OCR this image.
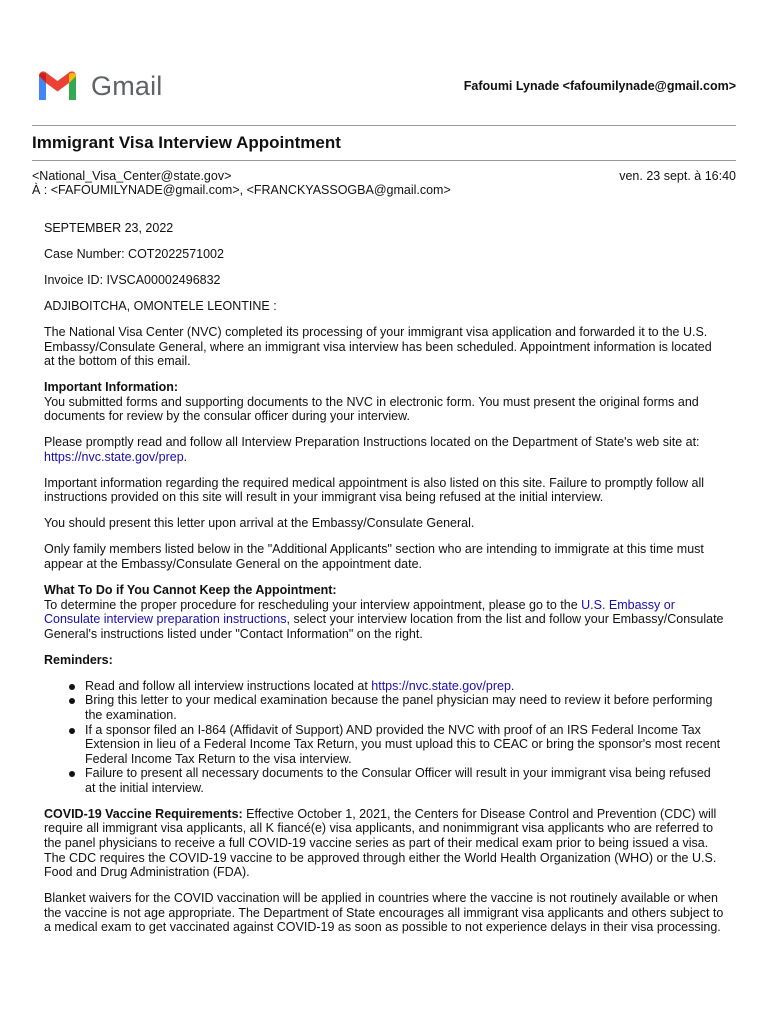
Gmail	Fafoumi Lynade <fafoumilynade@gmail.com>
Immigrant Visa Interview Appointment
<National_Visa_Center@state.gov>	ven. 23 sept. à 16:40
À : <FAFOUMILYNADE@gmail.com>, <FRANCKYASSOGBA@gmail.com>

SEPTEMBER 23, 2022

Case Number: COT2022571002

Invoice ID: IVSCA00002496832

ADJIBOITCHA, OMONTELE LEONTINE :

The National Visa Center (NVC) completed its processing of your immigrant visa application and forwarded it to the U.S. Embassy/Consulate General, where an immigrant visa interview has been scheduled. Appointment information is located at the bottom of this email.

Important Information:
You submitted forms and supporting documents to the NVC in electronic form. You must present the original forms and documents for review by the consular officer during your interview.

Please promptly read and follow all Interview Preparation Instructions located on the Department of State's web site at: https://nvc.state.gov/prep.

Important information regarding the required medical appointment is also listed on this site. Failure to promptly follow all instructions provided on this site will result in your immigrant visa being refused at the initial interview.

You should present this letter upon arrival at the Embassy/Consulate General.

Only family members listed below in the "Additional Applicants" section who are intending to immigrate at this time must appear at the Embassy/Consulate General on the appointment date.

What To Do if You Cannot Keep the Appointment:
To determine the proper procedure for rescheduling your interview appointment, please go to the U.S. Embassy or Consulate interview preparation instructions, select your interview location from the list and follow your Embassy/Consulate General's instructions listed under "Contact Information" on the right.

Reminders:

Read and follow all interview instructions located at https://nvc.state.gov/prep.
Bring this letter to your medical examination because the panel physician may need to review it before performing the examination.
If a sponsor filed an I-864 (Affidavit of Support) AND provided the NVC with proof of an IRS Federal Income Tax Extension in lieu of a Federal Income Tax Return, you must upload this to CEAC or bring the sponsor's most recent Federal Income Tax Return to the visa interview.
Failure to present all necessary documents to the Consular Officer will result in your immigrant visa being refused at the initial interview.

COVID-19 Vaccine Requirements: Effective October 1, 2021, the Centers for Disease Control and Prevention (CDC) will require all immigrant visa applicants, all K fiancé(e) visa applicants, and nonimmigrant visa applicants who are referred to the panel physicians to receive a full COVID-19 vaccine series as part of their medical exam prior to being issued a visa. The CDC requires the COVID-19 vaccine to be approved through either the World Health Organization (WHO) or the U.S. Food and Drug Administration (FDA).

Blanket waivers for the COVID vaccination will be applied in countries where the vaccine is not routinely available or when the vaccine is not age appropriate. The Department of State encourages all immigrant visa applicants and others subject to a medical exam to get vaccinated against COVID-19 as soon as possible to not experience delays in their visa processing.
